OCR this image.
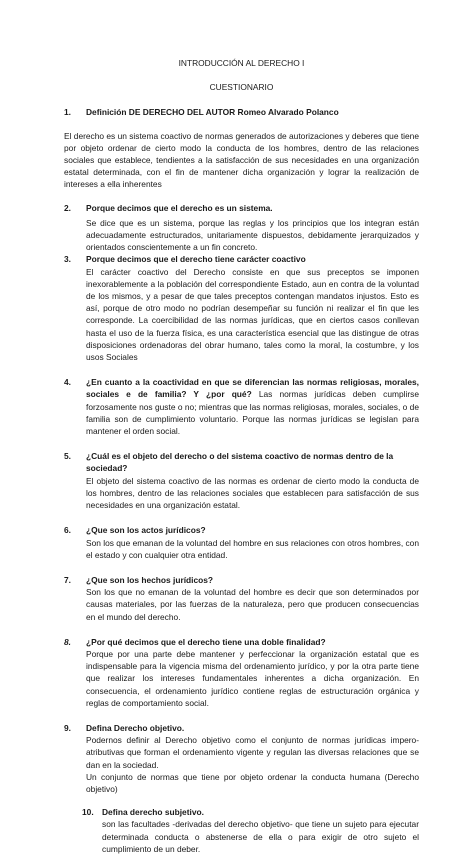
INTRODUCCIÓN AL DERECHO I

CUESTIONARIO

1.	Definición DE DERECHO DEL AUTOR Romeo Alvarado Polanco

El derecho es un sistema coactivo de normas generados de autorizaciones y deberes que tiene por objeto ordenar de cierto modo la conducta de los hombres, dentro de las relaciones sociales que establece, tendientes a la satisfacción de sus necesidades en una organización estatal determinada, con el fin de mantener dicha organización y lograr la realización de intereses a ella inherentes

2.	Porque decimos que el derecho es un sistema.

Se dice que es un sistema, porque las reglas y los principios que los integran están adecuadamente estructurados, unitariamente dispuestos, debidamente jerarquizados y orientados conscientemente a un fin concreto.

3.	Porque decimos que el derecho tiene carácter coactivo

El carácter coactivo del Derecho consiste en que sus preceptos se imponen inexorablemente a la población del correspondiente Estado, aun en contra de la voluntad de los mismos, y a pesar de que tales preceptos contengan mandatos injustos. Esto es así, porque de otro modo no podrían desempeñar su función ni realizar el fin que les corresponde. La coercibilidad de las normas jurídicas, que en ciertos casos conllevan hasta el uso de la fuerza física, es una característica esencial que las distingue de otras disposiciones ordenadoras del obrar humano, tales como la moral, la costumbre, y los usos Sociales

4.	¿En cuanto a la coactividad en que se diferencian las normas religiosas, morales, sociales e de familia? Y ¿por qué? Las normas jurídicas deben cumplirse forzosamente nos guste o no; mientras que las normas religiosas, morales, sociales, o de familia son de cumplimiento voluntario. Porque las normas jurídicas se legislan para mantener el orden social.
5.	¿Cuál es el objeto del derecho o del sistema coactivo de normas dentro de la sociedad?

El objeto del sistema coactivo de las normas es ordenar de cierto modo la conducta de los hombres, dentro de las relaciones sociales que establecen para satisfacción de sus necesidades en una organización estatal.

6.	¿Que son los actos jurídicos?

Son los que emanan de la voluntad del hombre en sus relaciones con otros hombres, con el estado y con cualquier otra entidad.

7.	¿Que son los hechos jurídicos?

Son los que no emanan de la voluntad del hombre es decir que son determinados por causas materiales, por las fuerzas de la naturaleza, pero que producen consecuencias en el mundo del derecho.

8.	¿Por qué decimos que el derecho tiene una doble finalidad?

Porque por una parte debe mantener y perfeccionar la organización estatal que es indispensable para la vigencia misma del ordenamiento jurídico, y por la otra parte tiene que realizar los intereses fundamentales inherentes a dicha organización. En consecuencia, el ordenamiento jurídico contiene reglas de estructuración orgánica y reglas de comportamiento social.

9.	Defina Derecho objetivo.

Podernos definir al Derecho objetivo como el conjunto de normas jurídicas impero-atributivas que forman el ordenamiento vigente y regulan las diversas relaciones que se dan en la sociedad.

Un conjunto de normas que tiene por objeto ordenar la conducta humana (Derecho objetivo)

10. Defina derecho subjetivo.

son las facultades -derivadas del derecho objetivo- que tiene un sujeto para ejecutar determinada conducta o abstenerse de ella o para exigir de otro sujeto el cumplimiento de un deber.
